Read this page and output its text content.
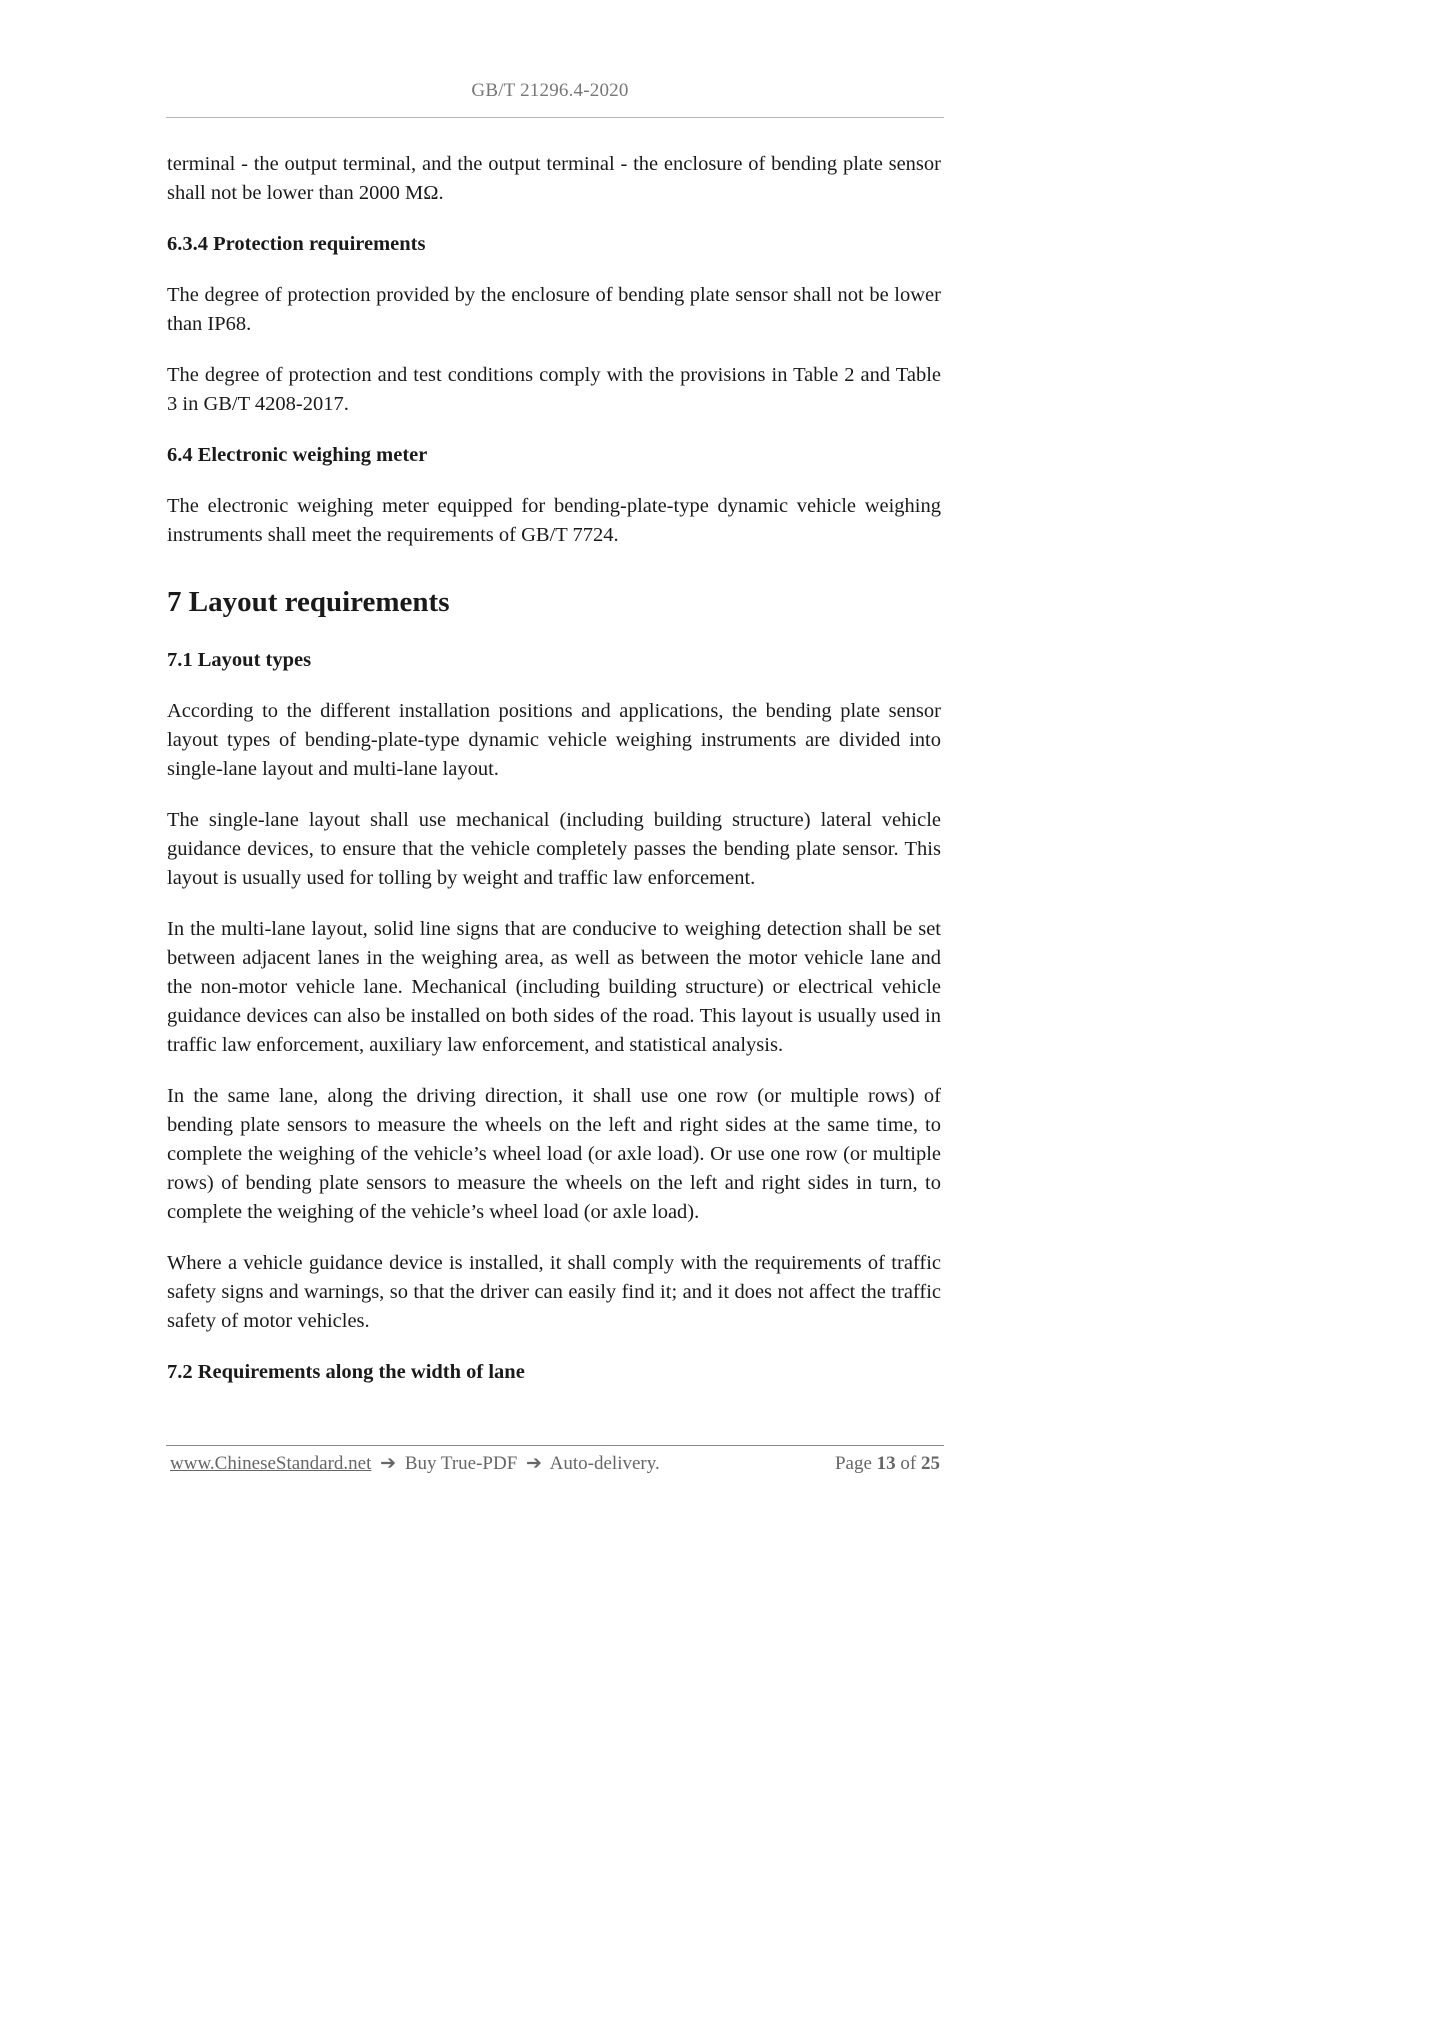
GB/T 21296.4-2020

terminal - the output terminal, and the output terminal - the enclosure of bending plate sensor shall not be lower than 2000 MΩ.

6.3.4 Protection requirements

The degree of protection provided by the enclosure of bending plate sensor shall not be lower than IP68.

The degree of protection and test conditions comply with the provisions in Table 2 and Table 3 in GB/T 4208-2017.

6.4 Electronic weighing meter

The electronic weighing meter equipped for bending-plate-type dynamic vehicle weighing instruments shall meet the requirements of GB/T 7724.

7 Layout requirements
7.1 Layout types

According to the different installation positions and applications, the bending plate sensor layout types of bending-plate-type dynamic vehicle weighing instruments are divided into single-lane layout and multi-lane layout.

The single-lane layout shall use mechanical (including building structure) lateral vehicle guidance devices, to ensure that the vehicle completely passes the bending plate sensor. This layout is usually used for tolling by weight and traffic law enforcement.

In the multi-lane layout, solid line signs that are conducive to weighing detection shall be set between adjacent lanes in the weighing area, as well as between the motor vehicle lane and the non-motor vehicle lane. Mechanical (including building structure) or electrical vehicle guidance devices can also be installed on both sides of the road. This layout is usually used in traffic law enforcement, auxiliary law enforcement, and statistical analysis.

In the same lane, along the driving direction, it shall use one row (or multiple rows) of bending plate sensors to measure the wheels on the left and right sides at the same time, to complete the weighing of the vehicle’s wheel load (or axle load). Or use one row (or multiple rows) of bending plate sensors to measure the wheels on the left and right sides in turn, to complete the weighing of the vehicle’s wheel load (or axle load).

Where a vehicle guidance device is installed, it shall comply with the requirements of traffic safety signs and warnings, so that the driver can easily find it; and it does not affect the traffic safety of motor vehicles.

7.2 Requirements along the width of lane
www.ChineseStandard.net ➔ Buy True-PDF ➔ Auto-delivery.	Page 13 of 25
